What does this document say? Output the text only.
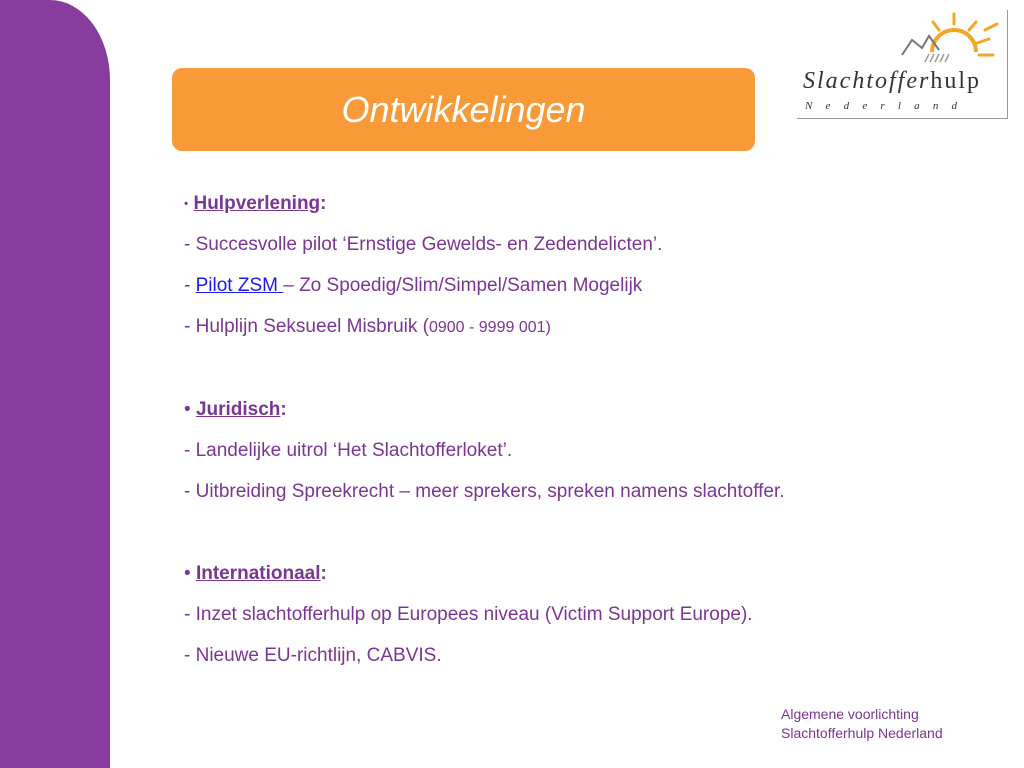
Ontwikkelingen
Slachtofferhulp
Nederland
• Hulpverlening:
- Succesvolle pilot ‘Ernstige Gewelds- en Zedendelicten’.
- Pilot ZSM – Zo Spoedig/Slim/Simpel/Samen Mogelijk
- Hulplijn Seksueel Misbruik (0900 - 9999 001)
• Juridisch:
- Landelijke uitrol ‘Het Slachtofferloket’.
- Uitbreiding Spreekrecht – meer sprekers, spreken namens slachtoffer.
• Internationaal:
- Inzet slachtofferhulp op Europees niveau (Victim Support Europe).
- Nieuwe EU-richtlijn, CABVIS.
Algemene voorlichting
Slachtofferhulp Nederland
